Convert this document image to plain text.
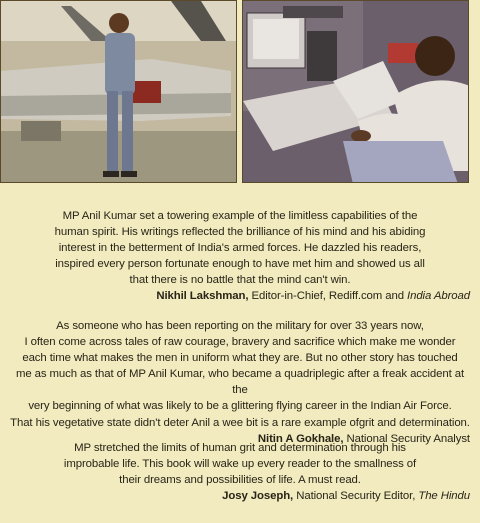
MP Anil Kumar set a towering example of the limitless capabilities of the

human spirit. His writings reflected the brilliance of his mind and his abiding

interest in the betterment of India's armed forces. He dazzled his readers,

inspired every person fortunate enough to have met him and showed us all

that there is no battle that the mind can't win.

Nikhil Lakshman, Editor-in-Chief, Rediff.com and India Abroad

As someone who has been reporting on the military for over 33 years now,

I often come across tales of raw courage, bravery and sacrifice which make me wonder

each time what makes the men in uniform what they are. But no other story has touched

me as much as that of MP Anil Kumar, who became a quadriplegic after a freak accident at the

very beginning of what was likely to be a glittering flying career in the Indian Air Force.

That his vegetative state didn't deter Anil a wee bit is a rare example ofgrit and determination.

Nitin A Gokhale, National Security Analyst

MP stretched the limits of human grit and determination through his

improbable life. This book will wake up every reader to the smallness of

their dreams and possibilities of life. A must read.

Josy Joseph, National Security Editor, The Hindu
